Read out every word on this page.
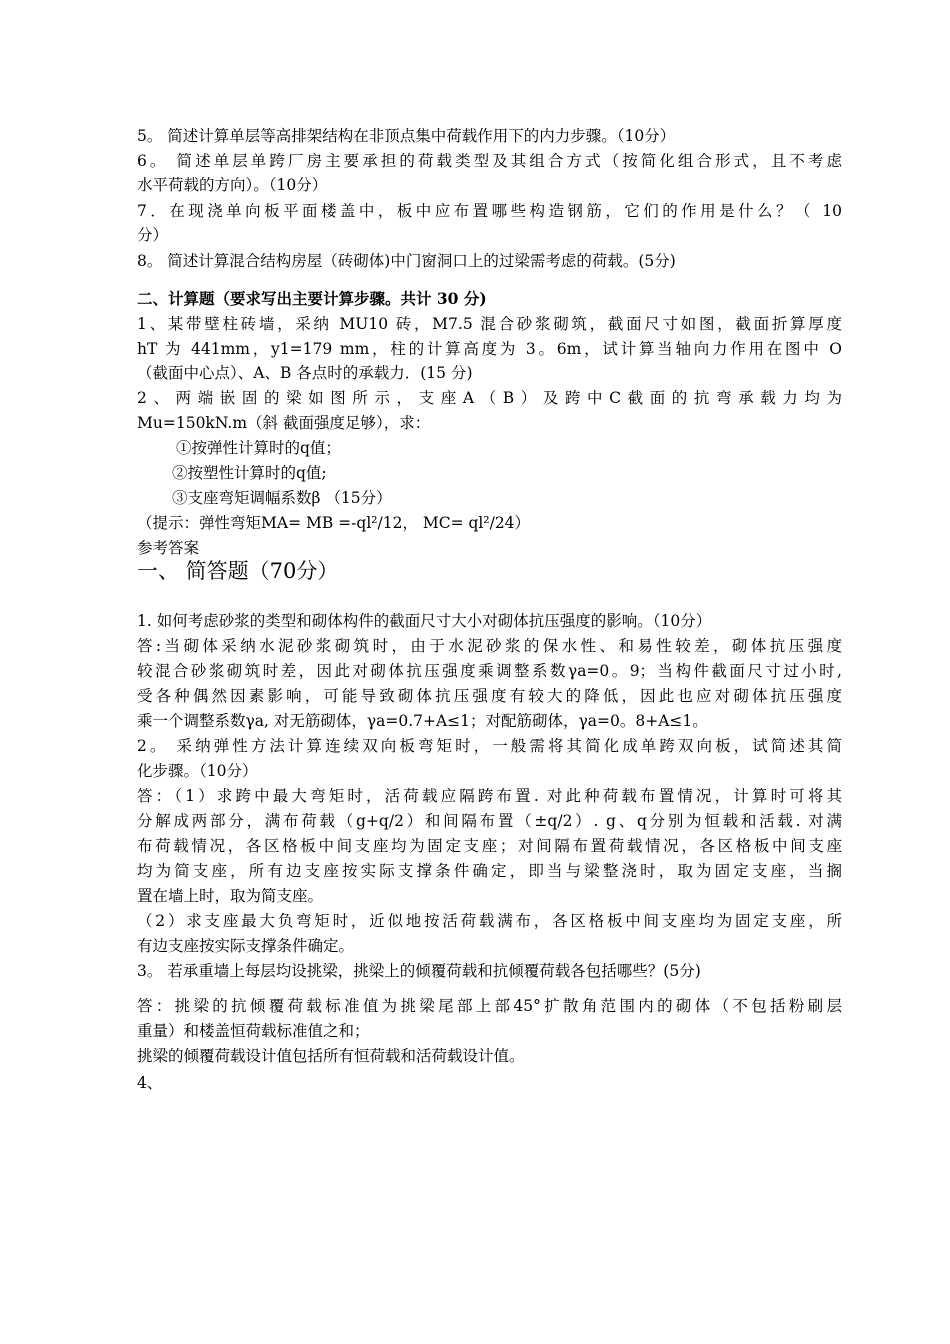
5。 简述计算单层等高排架结构在非顶点集中荷载作用下的内力步骤。（10分）
6。 简述单层单跨厂房主要承担的荷载类型及其组合方式（按简化组合形式，且不考虑
水平荷载的方向）。（10分）
7．在现浇单向板平面楼盖中，板中应布置哪些构造钢筋，它们的作用是什么？（ 10
分）
8。 简述计算混合结构房屋（砖砌体)中门窗洞口上的过梁需考虑的荷载。(5分)
二、计算题（要求写出主要计算步骤。共计 30 分)
1、某带壁柱砖墙，采纳 MU10 砖，M7.5 混合砂浆砌筑，截面尺寸如图，截面折算厚度
hT 为 441mm，y1=179 mm，柱的计算高度为 3。6m，试计算当轴向力作用在图中 O
（截面中心点）、A、B 各点时的承载力．(15 分)
2、两端嵌固的梁如图所示，支座A（B）及跨中C截面的抗弯承载力均为
Mu=150kN.m（斜 截面强度足够），求：
①按弹性计算时的q值；
②按塑性计算时的q值;
③支座弯矩调幅系数β （15分）
（提示：弹性弯矩MA= MB =-ql²/12， MC= ql²/24）
参考答案
一、 简答题（70分）
1. 如何考虑砂浆的类型和砌体构件的截面尺寸大小对砌体抗压强度的影响。（10分）
答:当砌体采纳水泥砂浆砌筑时，由于水泥砂浆的保水性、和易性较差，砌体抗压强度
较混合砂浆砌筑时差，因此对砌体抗压强度乘调整系数γa=0。9；当构件截面尺寸过小时,
受各种偶然因素影响，可能导致砌体抗压强度有较大的降低，因此也应对砌体抗压强度
乘一个调整系数γa, 对无筋砌体，γa=0.7+A≤1；对配筋砌体，γa=0。8+A≤1。
2。 采纳弹性方法计算连续双向板弯矩时，一般需将其简化成单跨双向板，试简述其简
化步骤。（10分）
答：（1）求跨中最大弯矩时，活荷载应隔跨布置. 对此种荷载布置情况，计算时可将其
分解成两部分，满布荷载（g+q/2）和间隔布置（±q/2）. g、q分别为恒载和活载. 对满
布荷载情况，各区格板中间支座均为固定支座；对间隔布置荷载情况，各区格板中间支座
均为简支座，所有边支座按实际支撑条件确定，即当与梁整浇时，取为固定支座，当搁
置在墙上时，取为简支座。
（2）求支座最大负弯矩时，近似地按活荷载满布，各区格板中间支座均为固定支座，所
有边支座按实际支撑条件确定。
3。 若承重墙上每层均设挑梁，挑梁上的倾覆荷载和抗倾覆荷载各包括哪些？(5分)
答：挑梁的抗倾覆荷载标准值为挑梁尾部上部45°扩散角范围内的砌体（不包括粉刷层
重量）和楼盖恒荷载标准值之和；
挑梁的倾覆荷载设计值包括所有恒荷载和活荷载设计值。
4、
